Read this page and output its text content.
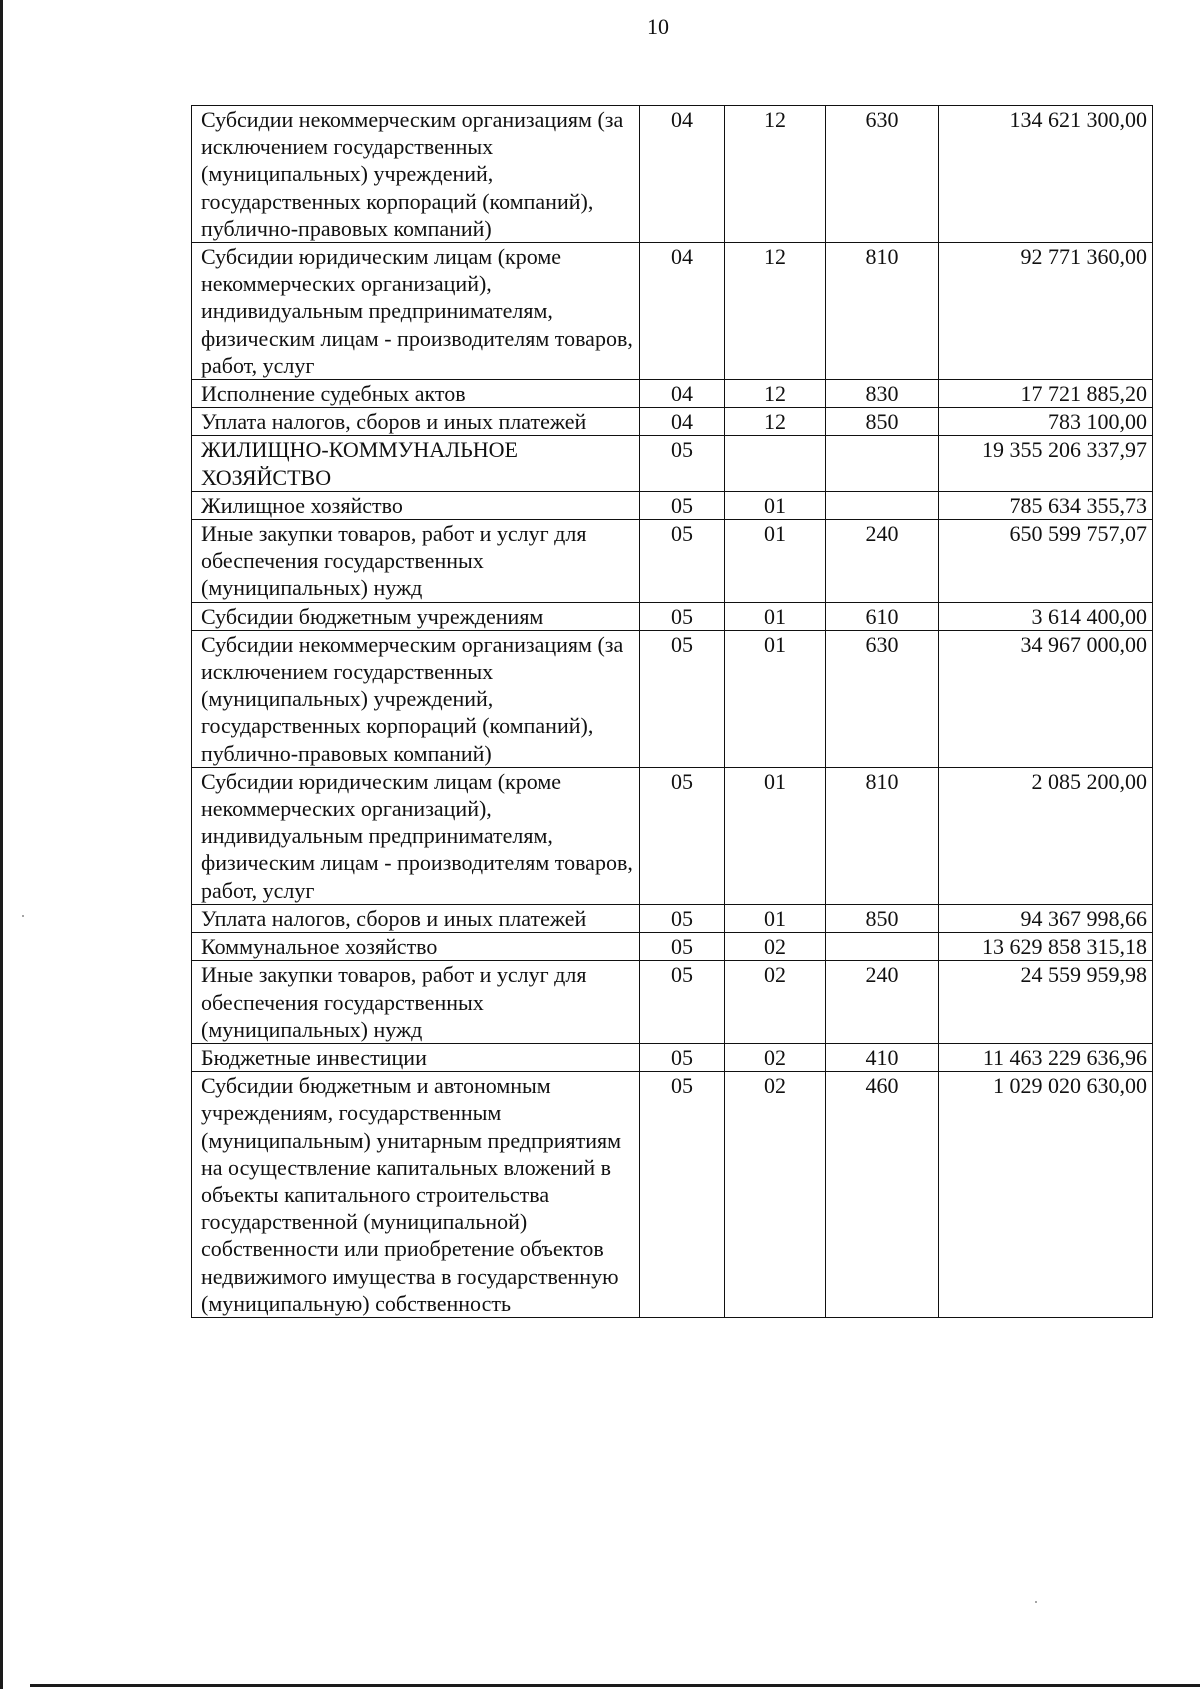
10
Субсидии некоммерческим организациям (за исключением государственных (муниципальных) учреждений, государственных корпораций (компаний), публично-правовых компаний)	04	12	630	134 621 300,00
Субсидии юридическим лицам (кроме некоммерческих организаций), индивидуальным предпринимателям, физическим лицам - производителям товаров, работ, услуг	04	12	810	92 771 360,00
Исполнение судебных актов	04	12	830	17 721 885,20
Уплата налогов, сборов и иных платежей	04	12	850	783 100,00
ЖИЛИЩНО-КОММУНАЛЬНОЕ ХОЗЯЙСТВО	05			19 355 206 337,97
Жилищное хозяйство	05	01		785 634 355,73
Иные закупки товаров, работ и услуг для обеспечения государственных (муниципальных) нужд	05	01	240	650 599 757,07
Субсидии бюджетным учреждениям	05	01	610	3 614 400,00
Субсидии некоммерческим организациям (за исключением государственных (муниципальных) учреждений, государственных корпораций (компаний), публично-правовых компаний)	05	01	630	34 967 000,00
Субсидии юридическим лицам (кроме некоммерческих организаций), индивидуальным предпринимателям, физическим лицам - производителям товаров, работ, услуг	05	01	810	2 085 200,00
Уплата налогов, сборов и иных платежей	05	01	850	94 367 998,66
Коммунальное хозяйство	05	02		13 629 858 315,18
Иные закупки товаров, работ и услуг для обеспечения государственных (муниципальных) нужд	05	02	240	24 559 959,98
Бюджетные инвестиции	05	02	410	11 463 229 636,96
Субсидии бюджетным и автономным учреждениям, государственным (муниципальным) унитарным предприятиям на осуществление капитальных вложений в объекты капитального строительства государственной (муниципальной) собственности или приобретение объектов недвижимого имущества в государственную (муниципальную) собственность	05	02	460	1 029 020 630,00
